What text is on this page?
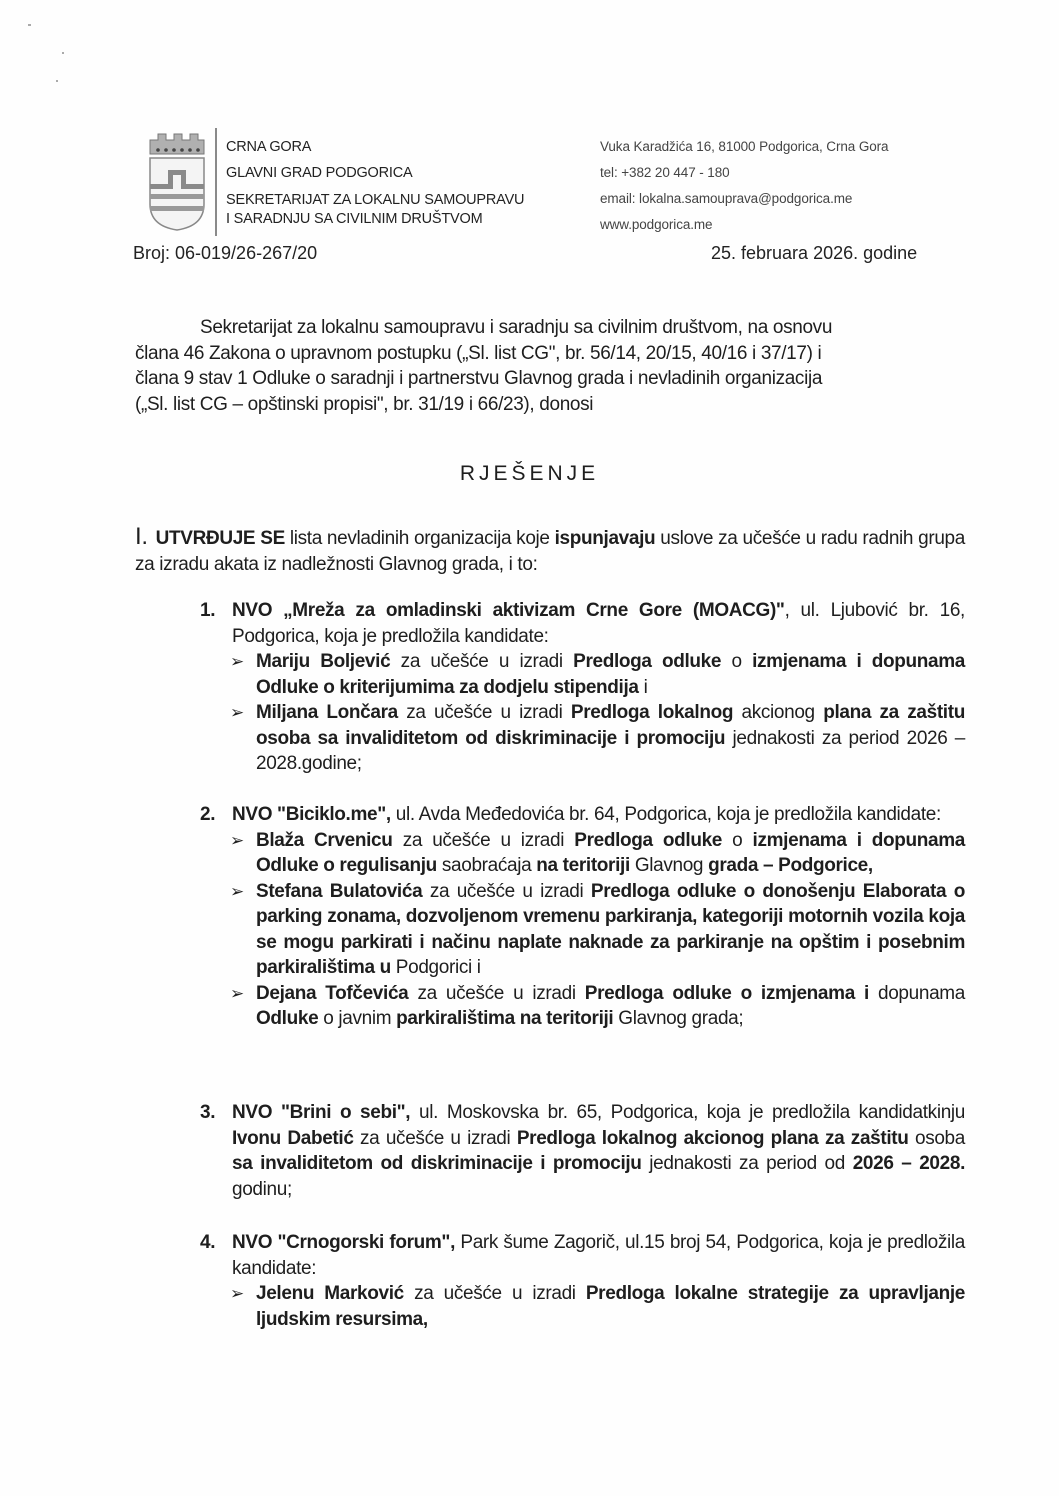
CRNA GORA
GLAVNI GRAD PODGORICA
SEKRETARIJAT ZA LOKALNU SAMOUPRAVU
I SARADNJU SA CIVILNIM DRUŠTVOM
Vuka Karadžića 16, 81000 Podgorica, Crna Gora
tel: +382 20 447 - 180
email: lokalna.samouprava@podgorica.me
www.podgorica.me
Broj: 06-019/26-267/20	25. februara 2026. godine
Sekretarijat za lokalnu samoupravu i saradnju sa civilnim društvom, na osnovu
člana 46 Zakona o upravnom postupku („Sl. list CG", br. 56/14, 20/15, 40/16 i 37/17) i
člana 9 stav 1 Odluke o saradnji i partnerstvu Glavnog grada i nevladinih organizacija
(„Sl. list CG – opštinski propisi", br. 31/19 i 66/23), donosi
RJEŠENJE
I. UTVRĐUJE SE lista nevladinih organizacija koje ispunjavaju uslove za učešće u radu radnih grupa za izradu akata iz nadležnosti Glavnog grada, i to:
1. NVO „Mreža za omladinski aktivizam Crne Gore (MOACG)", ul. Ljubović br. 16, Podgorica, koja je predložila kandidate:
➢ Mariju Boljević za učešće u izradi Predloga odluke o izmjenama i dopunama Odluke o kriterijumima za dodjelu stipendija i
➢ Miljana Lončara za učešće u izradi Predloga lokalnog akcionog plana za zaštitu osoba sa invaliditetom od diskriminacije i promociju jednakosti za period 2026 – 2028.godine;
2. NVO "Biciklo.me", ul. Avda Međedovića br. 64, Podgorica, koja je predložila kandidate:
➢ Blaža Crvenicu za učešće u izradi Predloga odluke o izmjenama i dopunama Odluke o regulisanju saobraćaja na teritoriji Glavnog grada – Podgorice,
➢ Stefana Bulatovića za učešće u izradi Predloga odluke o donošenju Elaborata o parking zonama, dozvoljenom vremenu parkiranja, kategoriji motornih vozila koja se mogu parkirati i načinu naplate naknade za parkiranje na opštim i posebnim parkiralištima u Podgorici i
➢ Dejana Tofčevića za učešće u izradi Predloga odluke o izmjenama i dopunama Odluke o javnim parkiralištima na teritoriji Glavnog grada;
3. NVO "Brini o sebi", ul. Moskovska br. 65, Podgorica, koja je predložila kandidatkinju Ivonu Dabetić za učešće u izradi Predloga lokalnog akcionog plana za zaštitu osoba sa invaliditetom od diskriminacije i promociju jednakosti za period od 2026 – 2028. godinu;
4. NVO "Crnogorski forum", Park šume Zagorič, ul.15 broj 54, Podgorica, koja je predložila kandidate:
➢ Jelenu Marković za učešće u izradi Predloga lokalne strategije za upravljanje ljudskim resursima,
